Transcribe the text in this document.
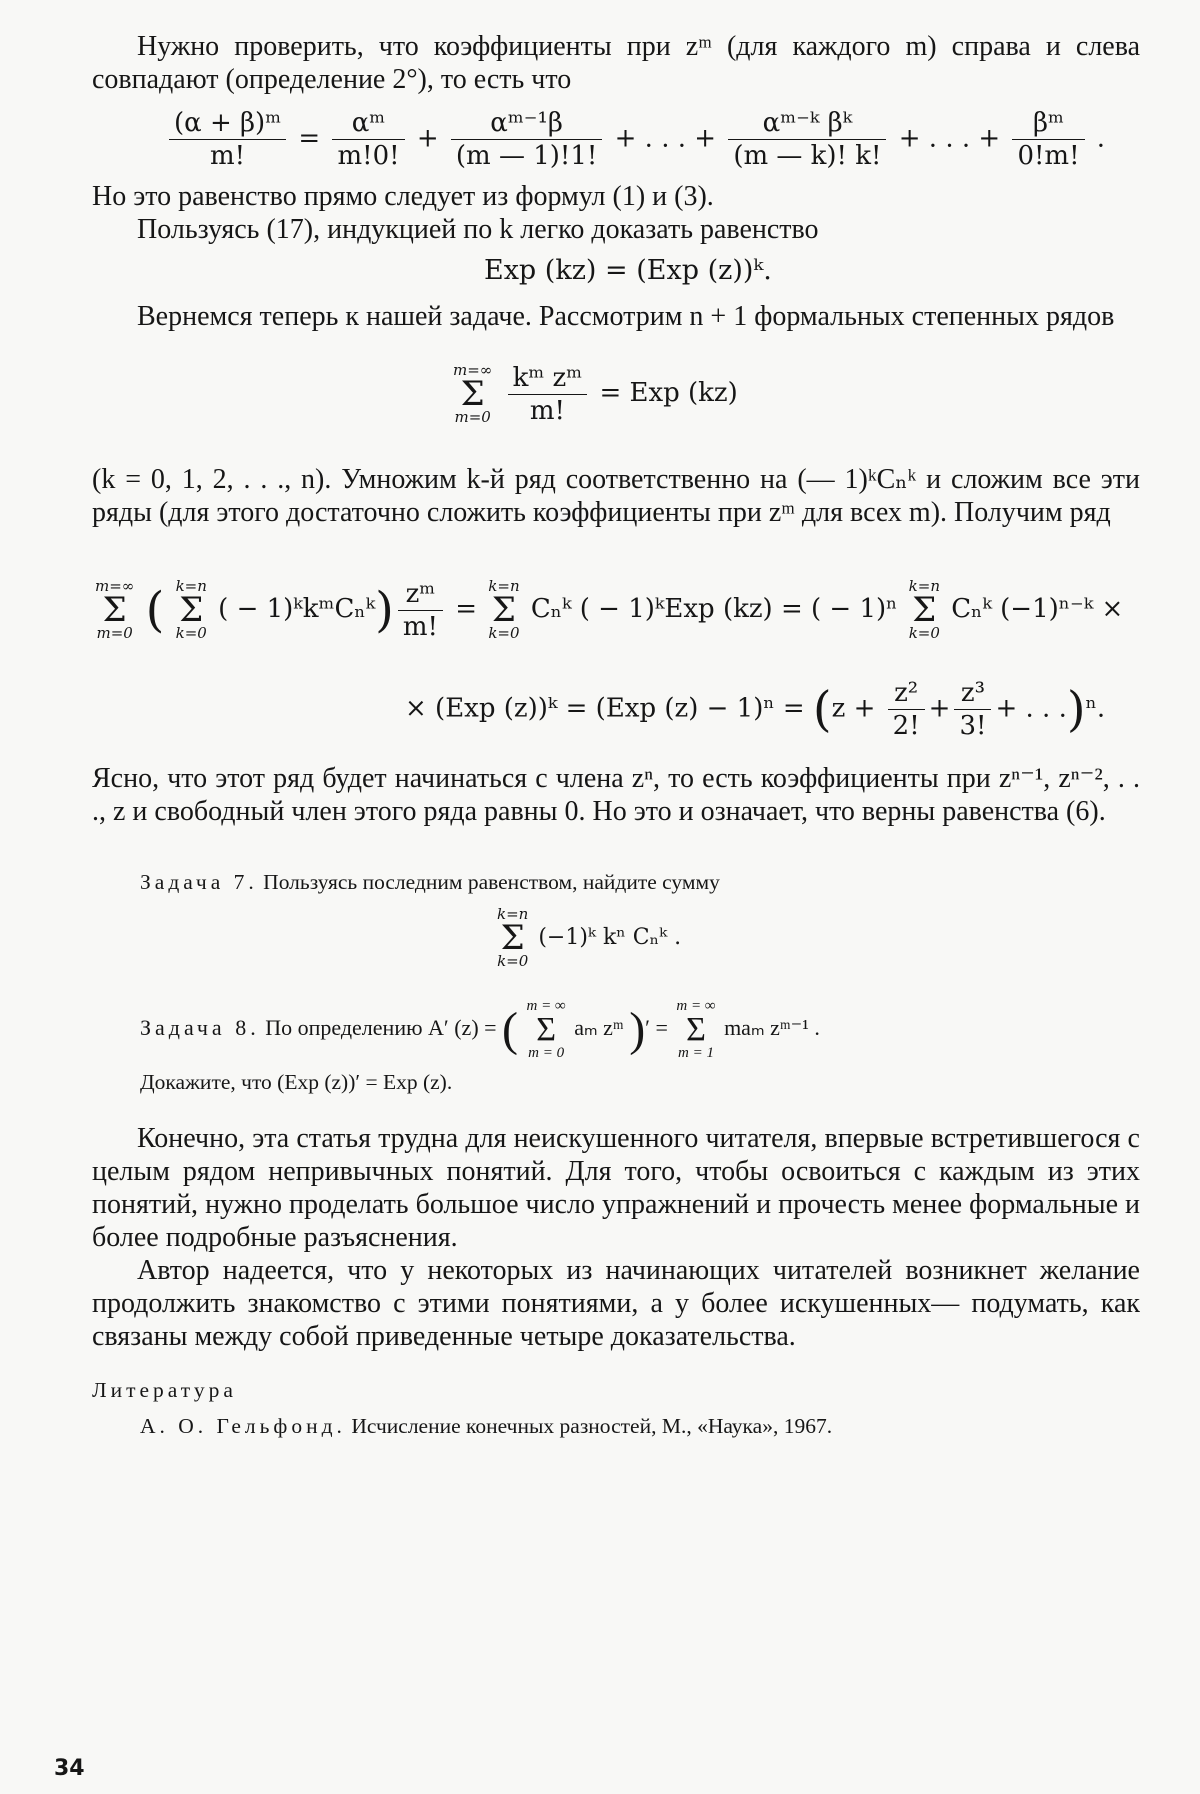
Нужно проверить, что коэффициенты при zᵐ (для каждого m) справа и слева совпадают (определение 2°), то есть что

$\frac{\text{(α + β)ᵐ}}{m!} = \frac{\text{αᵐ}}{m!0!} + \frac{\text{αᵐ⁻¹β}}{(m — 1)!1!}$ + . . . + $\frac{\text{αᵐ⁻ᵏ βᵏ}}{(m — k)! k!}$ + . . . + $\frac{\text{βᵐ}}{0!m!}$ .

Но это равенство прямо следует из формул (1) и (3).

Пользуясь (17), индукцией по k легко доказать равенство

Exp (kz) = (Exp (z))ᵏ.

Вернемся теперь к нашей задаче. Рассмотрим n + 1 формальных степенных рядов

m=∞
Σ
m=0
$\frac{\text{kᵐ zᵐ}}{m!}$ = Exp (kz)

(k = 0, 1, 2, . . ., n). Умножим k-й ряд соответственно на (— 1)ᵏCₙᵏ и сложим все эти ряды (для этого достаточно сложить коэффициенты при zᵐ для всех m). Получим ряд

m=∞
Σ
m=0 ( k=n
Σ
k=0
( − 1)ᵏkᵐCₙᵏ) $\frac{\text{zᵐ}}{m!}$ =
k=n
Σ
k=0
Cₙᵏ ( − 1)ᵏExp (kz) = ( − 1)ⁿ
k=n
Σ
k=0
Cₙᵏ (−1)ⁿ⁻ᵏ ×
× (Exp (z))ᵏ = (Exp $(z) - 1)^n = (z + \frac{\text{z²}}{2!} + \frac{\text{z³}}{3!}$ + . . .)ⁿ.

Ясно, что этот ряд будет начинаться с члена zⁿ, то есть коэффициенты при zⁿ⁻¹, zⁿ⁻², . . ., z и свободный член этого ряда равны 0. Но это и означает, что верны равенства (6).

Задача 7. Пользуясь последним равенством, найдите сумму
k=n
Σ
k=0
(−1)ᵏ kⁿ Cₙᵏ .
Задача 8. По определению A′ (z) = ( m = ∞
Σ
m = 0
aₘ zᵐ )′ =
m = ∞
Σ
m = 1
maₘ zᵐ⁻¹ .
Докажите, что (Exp (z))′ = Exp (z).

Конечно, эта статья трудна для неискушенного читателя, впервые встретившегося с целым рядом непривычных понятий. Для того, чтобы освоиться с каждым из этих понятий, нужно проделать большое число упражнений и прочесть менее формальные и более подробные разъяснения.

Автор надеется, что у некоторых из начинающих читателей возникнет желание продолжить знакомство с этими понятиями, а у более искушенных— подумать, как связаны между собой приведенные четыре доказательства.

Литература
А. О. Гельфонд. Исчисление конечных разностей, М., «Наука», 1967.
34
